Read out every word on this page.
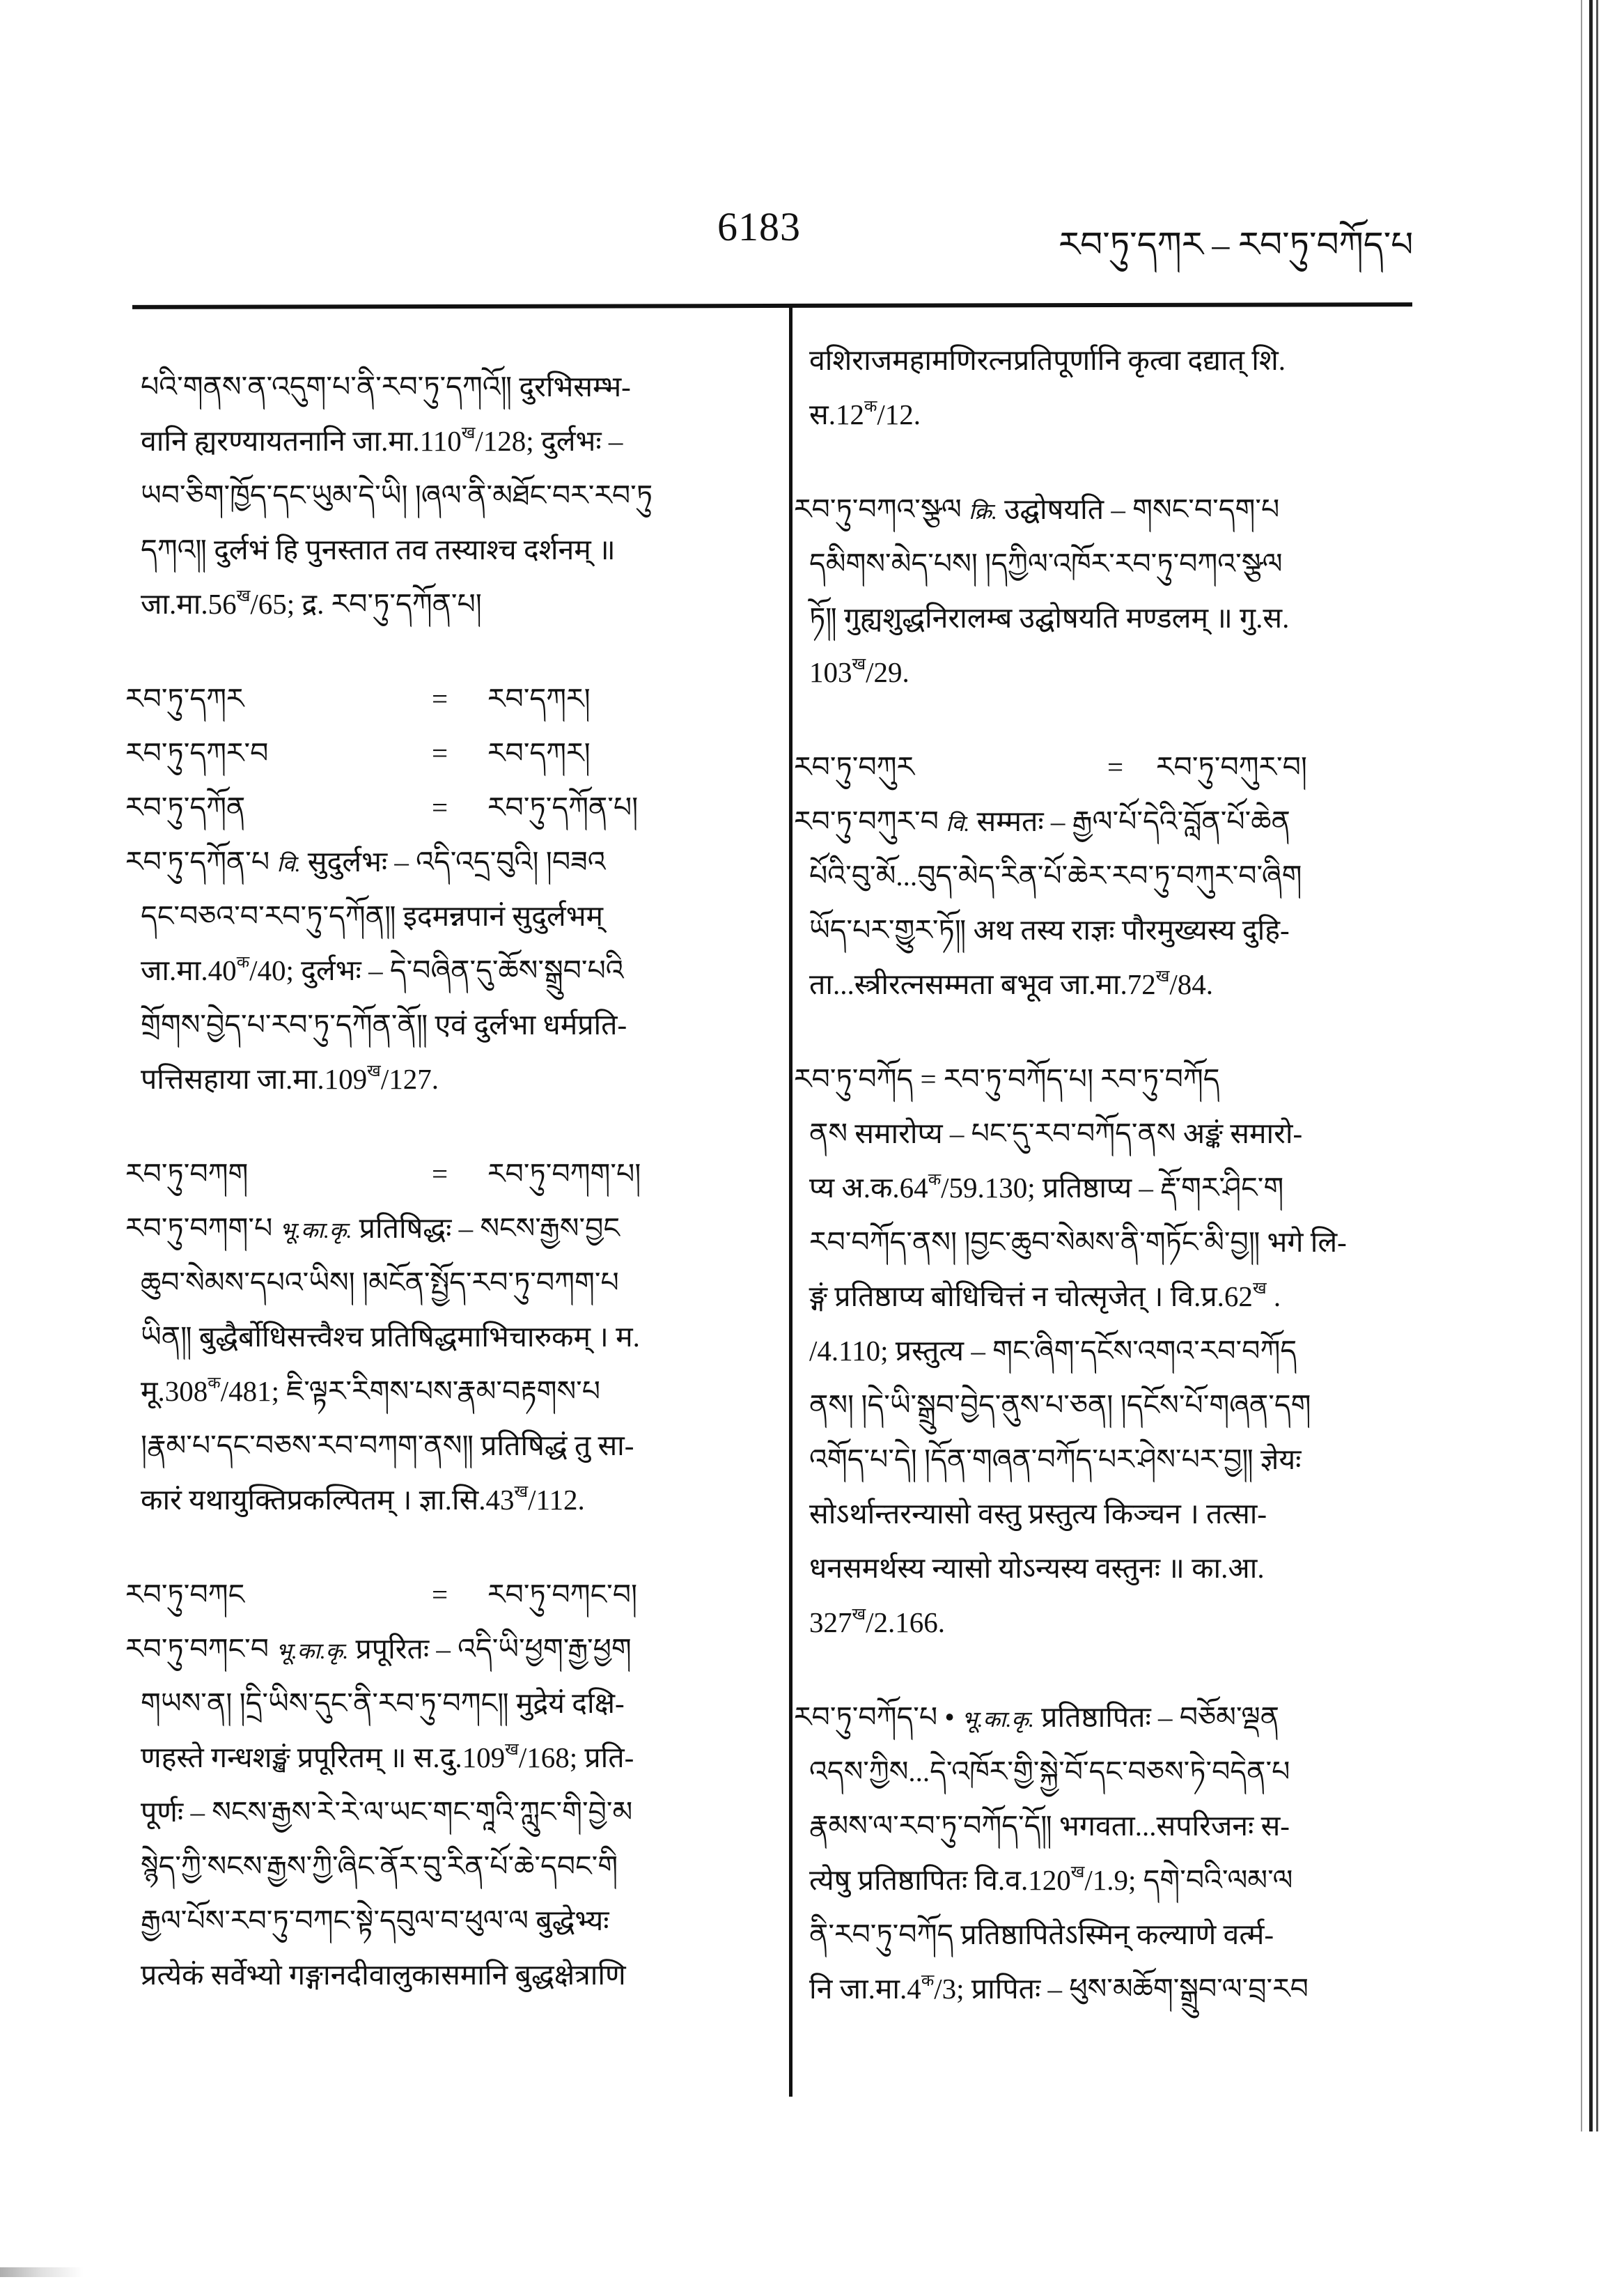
6183	རབ་ཏུ་དཀར – རབ་ཏུ་བཀོད་པ
པའི་གནས་ན་འདུག་པ་ནི་རབ་ཏུ་དཀའོ༎ दुरभिसम्भ-
वानि ह्यरण्यायतनानि $जा.मा.110^ख/128$; दुर्लभः –
ཡབ་ཅིག་ཁྱོད་དང་ཡུམ་དེ་ཡི། །ཞལ་ནི་མཐོང་བར་རབ་ཏུ
དཀའ༎ दुर्लभं हि पुनस्तात तव तस्याश्च दर्शनम् ॥
$जा.मा.56^ख/65$; द्र. རབ་ཏུ་དཀོན་པ།
རབ་ཏུ་དཀར	= རབ་དཀར།
རབ་ཏུ་དཀར་བ	= རབ་དཀར།
རབ་ཏུ་དཀོན	= རབ་ཏུ་དཀོན་པ།
རབ་ཏུ་དཀོན་པ वि. सुदुर्लभः – འདི་འདྲ་བུའི། །བཟའ
དང་བཅའ་བ་རབ་ཏུ་དཀོན༎ इदमन्नपानं सुदुर्लभम्
$जा.मा.40^क/40$; दुर्लभः – དེ་བཞིན་དུ་ཆོས་སྒྲུབ་པའི
གྲོགས་བྱེད་པ་རབ་ཏུ་དཀོན་ནོ༎ एवं दुर्लभा धर्मप्रति-
पत्तिसहाया $जा.मा.109^ख/127$.
རབ་ཏུ་བཀག	= རབ་ཏུ་བཀག་པ།
རབ་ཏུ་བཀག་པ भू.का.कृ. प्रतिषिद्धः – སངས་རྒྱས་བྱང
ཆུབ་སེམས་དཔའ་ཡིས། །མངོན་སྤྱོད་རབ་ཏུ་བཀག་པ
ཡིན༎ बुद्धैर्बोधिसत्त्वैश्च प्रतिषिद्धमाभिचारुकम् । म.
$मू.308^क/481$; ཇི་ལྟར་རིགས་པས་རྣམ་བརྟགས་པ
།རྣམ་པ་དང་བཅས་རབ་བཀག་ནས༎ प्रतिषिद्धं तु सा-
कारं यथायुक्तिप्रकल्पितम् । $ज्ञा.सि.43^ख/112$.
རབ་ཏུ་བཀང	= རབ་ཏུ་བཀང་བ།
རབ་ཏུ་བཀང་བ भू.का.कृ. प्रपूरितः – འདི་ཡི་ཕྱག་རྒྱ་ཕྱག
གཡས་ན། །དྲི་ཡིས་དུང་ནི་རབ་ཏུ་བཀང༎ मुद्रेयं दक्षि-
णहस्ते गन्धशङ्खं प्रपूरितम् ॥ $स.दु.109^ख/168$; प्रति-
पूर्णः – སངས་རྒྱས་རེ་རེ་ལ་ཡང་གང་གཱའི་ཀླུང་གི་བྱེ་མ
སྙེད་ཀྱི་སངས་རྒྱས་ཀྱི་ཞིང་ནོར་བུ་རིན་པོ་ཆེ་དབང་གི
རྒྱལ་པོས་རབ་ཏུ་བཀང་སྟེ་དབུལ་བ་ཕུལ་ལ बुद्धेभ्यः
प्रत्येकं सर्वेभ्यो गङ्गानदीवालुकासमानि बुद्धक्षेत्राणि
वशिराजमहामणिरत्नप्रतिपूर्णानि कृत्वा दद्यात् शि.
$स.12^क/12$.
རབ་ཏུ་བཀའ་སྩལ क्रि. उद्घोषयति – གསང་བ་དག་པ
དམིགས་མེད་པས། །དཀྱིལ་འཁོར་རབ་ཏུ་བཀའ་སྩལ
ཏོ༎ गुह्यशुद्धनिरालम्ब उद्घोषयति मण्डलम् ॥ गु.स.
$103^ख/29$.
རབ་ཏུ་བཀུར	= རབ་ཏུ་བཀུར་བ།
རབ་ཏུ་བཀུར་བ वि. सम्मतः – རྒྱལ་པོ་དེའི་བློན་པོ་ཆེན
པོའི་བུ་མོ...བུད་མེད་རིན་པོ་ཆེར་རབ་ཏུ་བཀུར་བ་ཞིག
ཡོད་པར་གྱུར་ཏོ༎ अथ तस्य राज्ञः पौरमुख्यस्य दुहि-
ता...स्त्रीरत्नसम्मता बभूव $जा.मा.72^ख/84$.
རབ་ཏུ་བཀོད = རབ་ཏུ་བཀོད་པ། རབ་ཏུ་བཀོད
ནས समारोप्य – པང་དུ་རབ་བཀོད་ནས अङ्कं समारो-
प्य $अ.क.64^क/59.130$; प्रतिष्ठाप्य – རྡོ་གར་ཤིང་ག
རབ་བཀོད་ནས། །བྱང་ཆུབ་སེམས་ནི་གཏོང་མི་བྱ༎ भगे लि-
ङ्गं प्रतिष्ठाप्य बोधिचित्तं न चोत्सृजेत् । $वि.प्र.62^ख$ .
/4.110; प्रस्तुत्य – གང་ཞིག་དངོས་འགའ་རབ་བཀོད
ནས། །དེ་ཡི་སྒྲུབ་བྱེད་ནུས་པ་ཅན། །དངོས་པོ་གཞན་དག
འགོད་པ་དེ། །དོན་གཞན་བཀོད་པར་ཤེས་པར་བྱ༎ ज्ञेयः
सोऽर्थान्तरन्यासो वस्तु प्रस्तुत्य किञ्चन । तत्सा-
धनसमर्थस्य न्यासो योऽन्यस्य वस्तुनः ॥ का.आ.
$327^ख/2.166$.
རབ་ཏུ་བཀོད་པ • भू.का.कृ. प्रतिष्ठापितः – བཅོམ་ལྡན
འདས་ཀྱིས...དེ་འཁོར་གྱི་སྐྱེ་བོ་དང་བཅས་ཏེ་བདེན་པ
རྣམས་ལ་རབ་ཏུ་བཀོད་དོ༎ भगवता...सपरिजनः स-
त्येषु प्रतिष्ठापितः $वि.व.120^ख/1.9$; དགེ་བའི་ལམ་ལ
ནི་རབ་ཏུ་བཀོད प्रतिष्ठापितेऽस्मिन् कल्याणे वर्त्म-
नि $जा.मा.4^क/3$; प्रापितः – ཕུས་མཆོག་སྒྲུབ་ལ་བྲ་རབ
